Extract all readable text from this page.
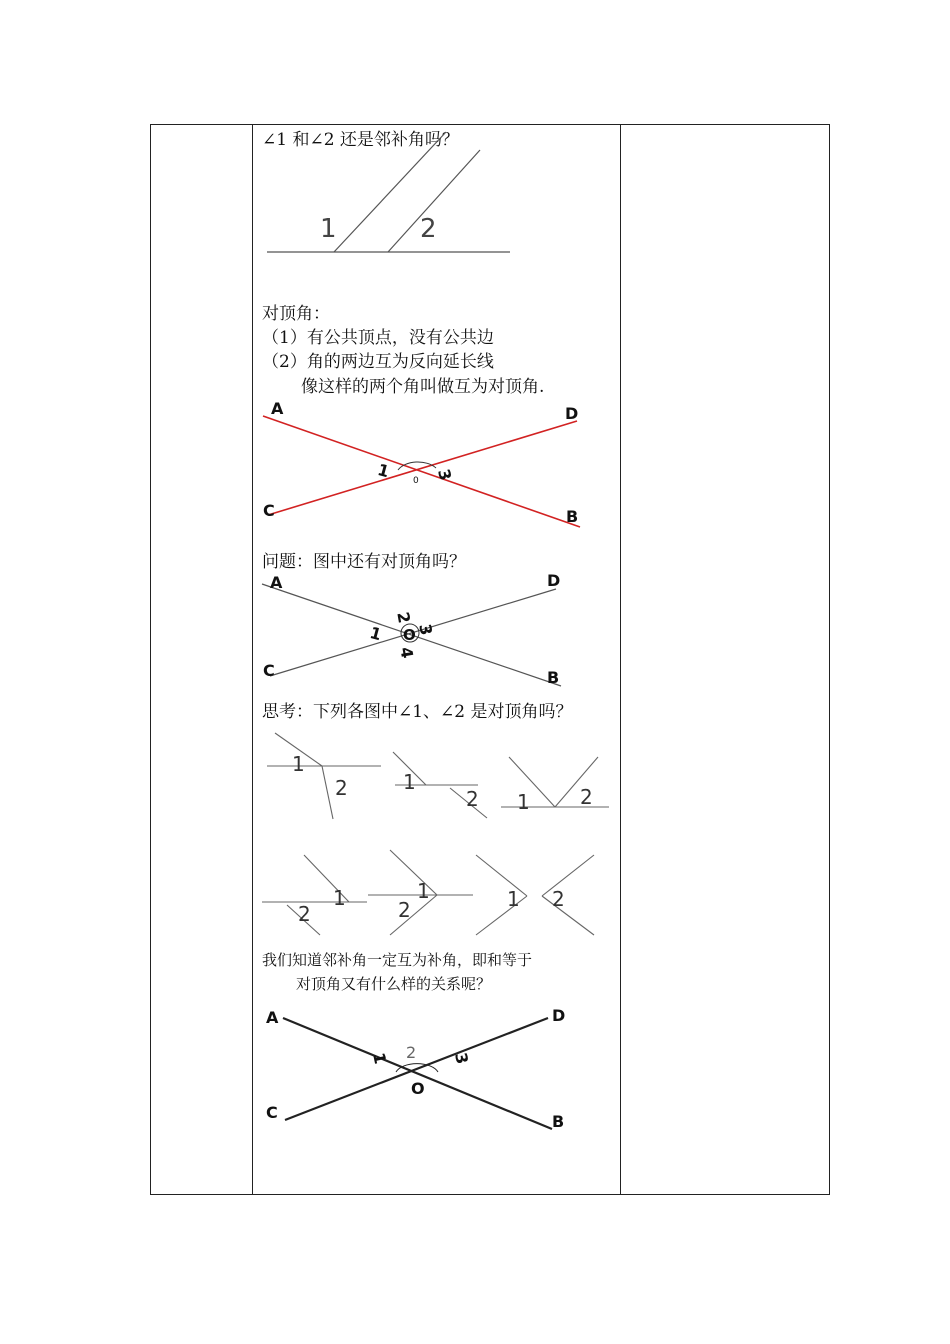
∠1 和∠2 还是邻补角吗？
1	2
A	D
C	B
1	3
0
A	D
C	B
1
2
3
4
O
1
2	1
2 1	2
1
2
1
2	1 2
A	D
C	B
O
1	3
2
对顶角：
（1）有公共顶点，没有公共边
（2）角的两边互为反向延长线
像这样的两个角叫做互为对顶角.
问题：图中还有对顶角吗？
思考：下列各图中∠1、∠2 是对顶角吗？
我们知道邻补角一定互为补角，即和等于
对顶角又有什么样的关系呢？
